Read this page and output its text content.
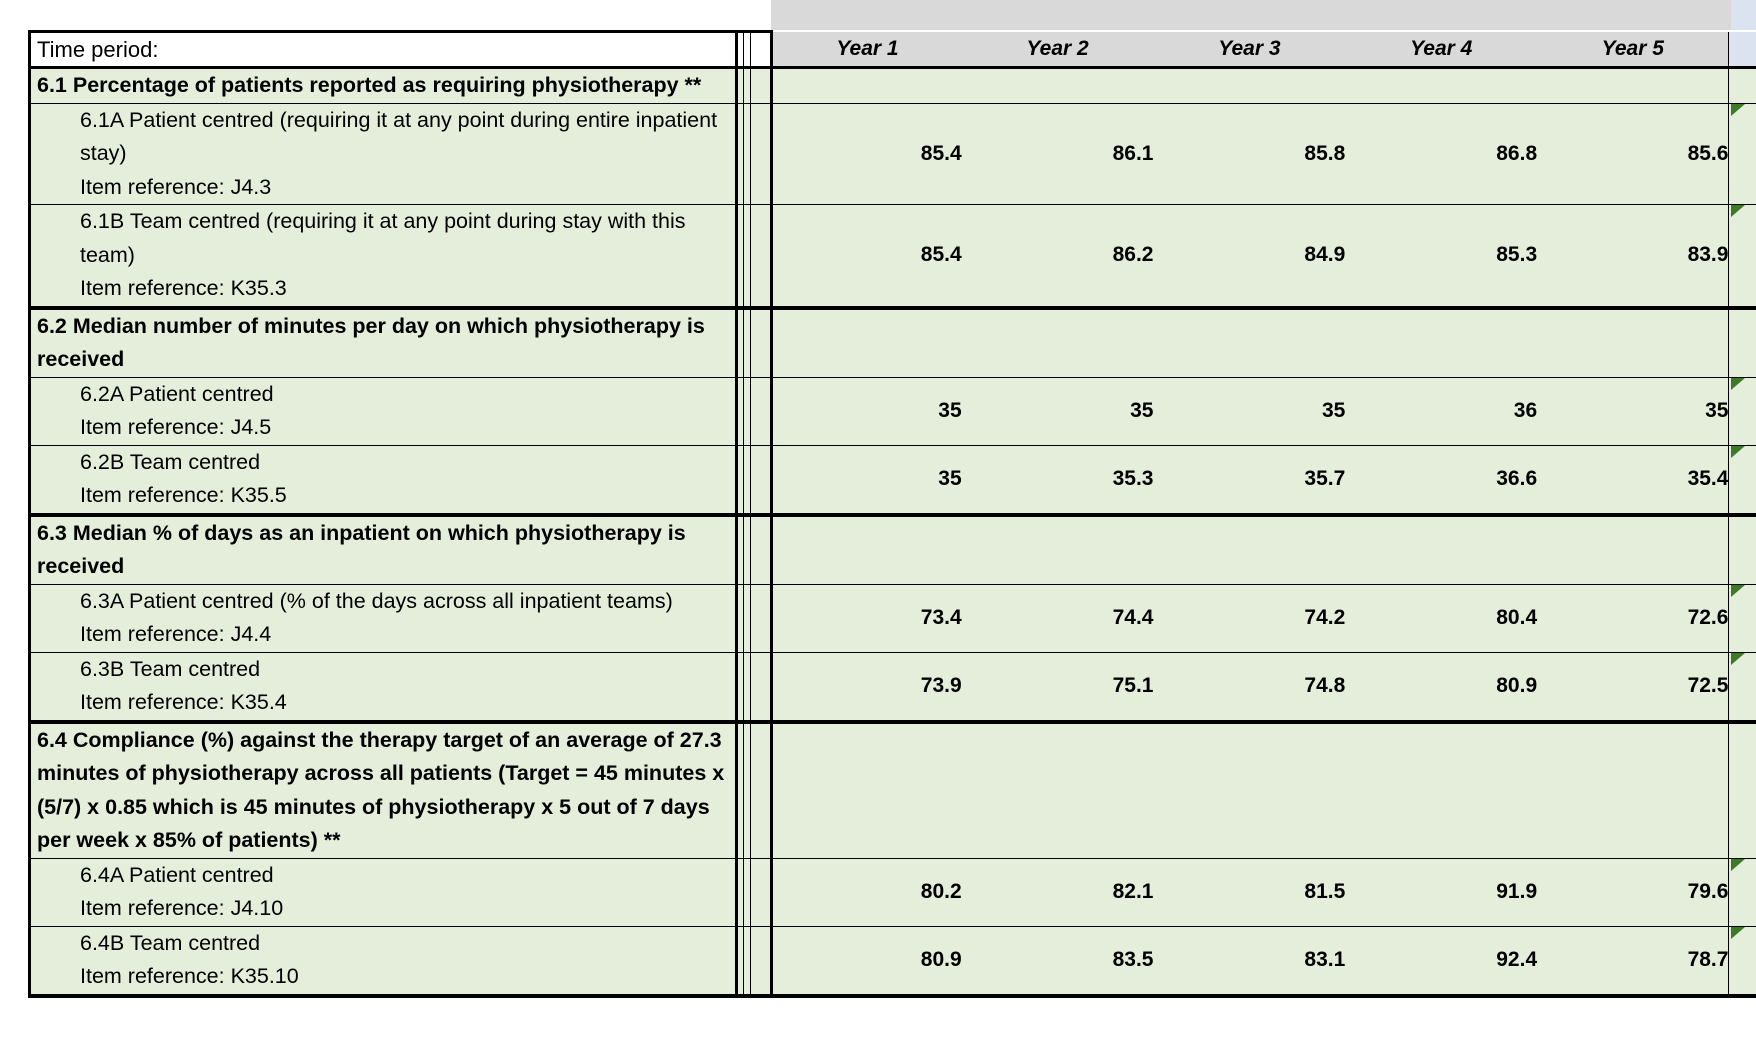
Time period:				Year 1	Year 2	Year 3	Year 4	Year 5	
6.1 Percentage of patients reported as requiring physiotherapy **									
6.1A Patient centred (requiring it at any point during entire inpatient stay)
Item reference: J4.3				85.4	86.1	85.8	86.8	85.6	

6.1B Team centred (requiring it at any point during stay with this team)
Item reference: K35.3				85.4	86.2	84.9	85.3	83.9	

6.2 Median number of minutes per day on which physiotherapy is received									
6.2A Patient centred
Item reference: J4.5				35	35	35	36	35	

6.2B Team centred
Item reference: K35.5				35	35.3	35.7	36.6	35.4	

6.3 Median % of days as an inpatient on which physiotherapy is received									
6.3A Patient centred (% of the days across all inpatient teams)
Item reference: J4.4				73.4	74.4	74.2	80.4	72.6	

6.3B Team centred
Item reference: K35.4				73.9	75.1	74.8	80.9	72.5	

6.4 Compliance (%) against the therapy target of an average of 27.3 minutes of physiotherapy across all patients (Target = 45 minutes x (5/7) x 0.85 which is 45 minutes of physiotherapy x 5 out of 7 days per week x 85% of patients) **									
6.4A Patient centred
Item reference: J4.10				80.2	82.1	81.5	91.9	79.6	

6.4B Team centred
Item reference: K35.10				80.9	83.5	83.1	92.4	78.7	
